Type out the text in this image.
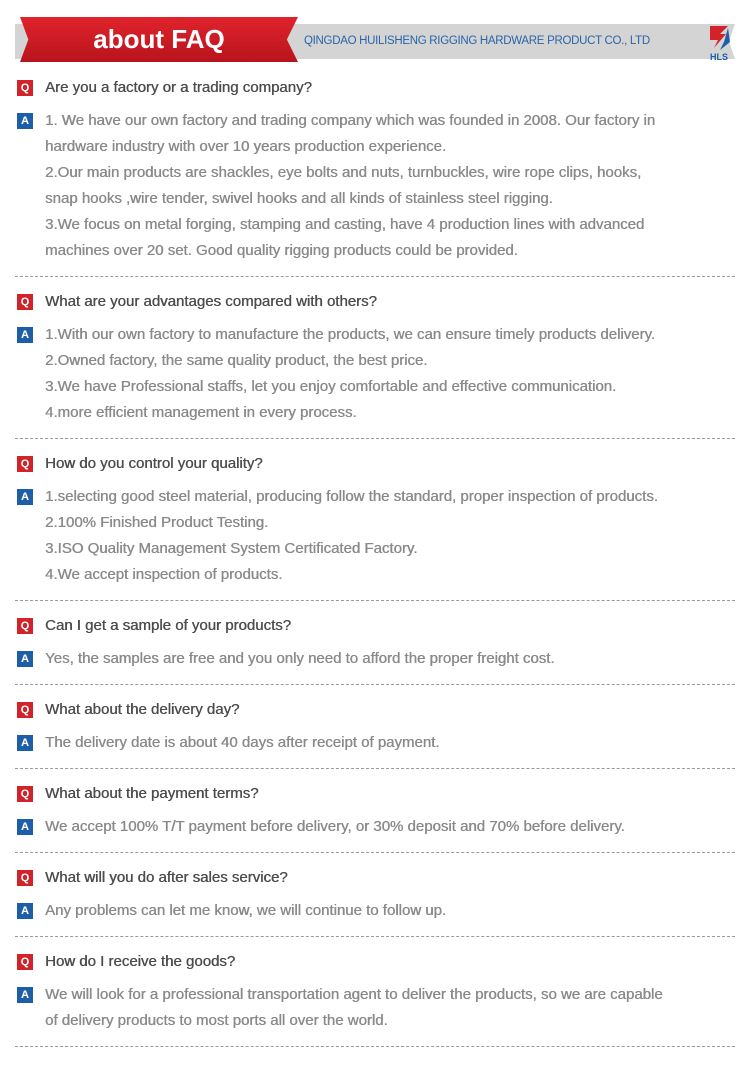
about FAQ	QINGDAO HUILISHENG RIGGING HARDWARE PRODUCT CO., LTD
HLS
Q Are you a factory or a trading company?
A 1. We have our own factory and trading company which was founded in 2008. Our factory in
hardware industry with over 10 years production experience.
2.Our main products are shackles, eye bolts and nuts, turnbuckles, wire rope clips, hooks,
snap hooks ,wire tender, swivel hooks and all kinds of stainless steel rigging.
3.We focus on metal forging, stamping and casting, have 4 production lines with advanced
machines over 20 set. Good quality rigging products could be provided.
Q What are your advantages compared with others?
A 1.With our own factory to manufacture the products, we can ensure timely products delivery.
2.Owned factory, the same quality product, the best price.
3.We have Professional staffs, let you enjoy comfortable and effective communication.
4.more efficient management in every process.
Q How do you control your quality?
A 1.selecting good steel material, producing follow the standard, proper inspection of products.
2.100% Finished Product Testing.
3.ISO Quality Management System Certificated Factory.
4.We accept inspection of products.
Q Can I get a sample of your products?
A Yes, the samples are free and you only need to afford the proper freight cost.
Q What about the delivery day?
A The delivery date is about 40 days after receipt of payment.
Q What about the payment terms?
A We accept 100% T/T payment before delivery, or 30% deposit and 70% before delivery.
Q What will you do after sales service?
A Any problems can let me know, we will continue to follow up.
Q How do I receive the goods?
A We will look for a professional transportation agent to deliver the products, so we are capable
of delivery products to most ports all over the world.
